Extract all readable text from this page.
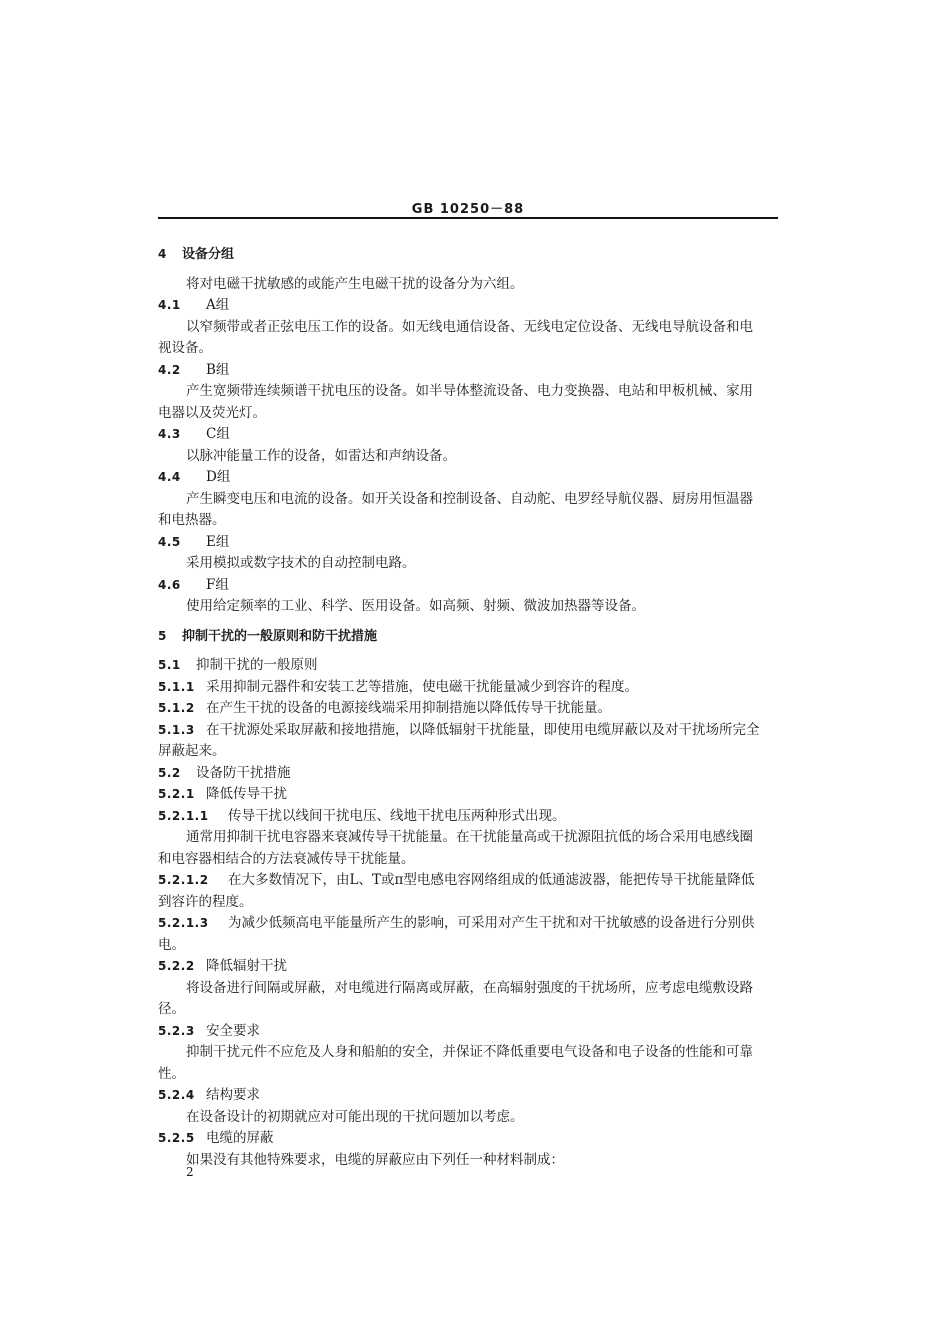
GB 10250－88
4 设备分组
将对电磁干扰敏感的或能产生电磁干扰的设备分为六组。
4.1 A组
以窄频带或者正弦电压工作的设备。如无线电通信设备、无线电定位设备、无线电导航设备和电
视设备。
4.2 B组
产生宽频带连续频谱干扰电压的设备。如半导体整流设备、电力变换器、电站和甲板机械、家用
电器以及荧光灯。
4.3 C组
以脉冲能量工作的设备，如雷达和声纳设备。
4.4 D组
产生瞬变电压和电流的设备。如开关设备和控制设备、自动舵、电罗经导航仪器、厨房用恒温器
和电热器。
4.5 E组
采用模拟或数字技术的自动控制电路。
4.6 F组
使用给定频率的工业、科学、医用设备。如高频、射频、微波加热器等设备。
5 抑制干扰的一般原则和防干扰措施
5.1 抑制干扰的一般原则
5.1.1 采用抑制元器件和安装工艺等措施，使电磁干扰能量减少到容许的程度。
5.1.2 在产生干扰的设备的电源接线端采用抑制措施以降低传导干扰能量。
5.1.3 在干扰源处采取屏蔽和接地措施，以降低辐射干扰能量，即使用电缆屏蔽以及对干扰场所完全
屏蔽起来。
5.2 设备防干扰措施
5.2.1 降低传导干扰
5.2.1.1 传导干扰以线间干扰电压、线地干扰电压两种形式出现。
通常用抑制干扰电容器来衰减传导干扰能量。在干扰能量高或干扰源阻抗低的场合采用电感线圈
和电容器相结合的方法衰减传导干扰能量。
5.2.1.2 在大多数情况下，由L、T或π型电感电容网络组成的低通滤波器，能把传导干扰能量降低
到容许的程度。
5.2.1.3 为减少低频高电平能量所产生的影响，可采用对产生干扰和对干扰敏感的设备进行分别供
电。
5.2.2 降低辐射干扰
将设备进行间隔或屏蔽，对电缆进行隔离或屏蔽，在高辐射强度的干扰场所，应考虑电缆敷设路
径。
5.2.3 安全要求
抑制干扰元件不应危及人身和船舶的安全，并保证不降低重要电气设备和电子设备的性能和可靠
性。
5.2.4 结构要求
在设备设计的初期就应对可能出现的干扰问题加以考虑。
5.2.5 电缆的屏蔽
如果没有其他特殊要求，电缆的屏蔽应由下列任一种材料制成：
2
